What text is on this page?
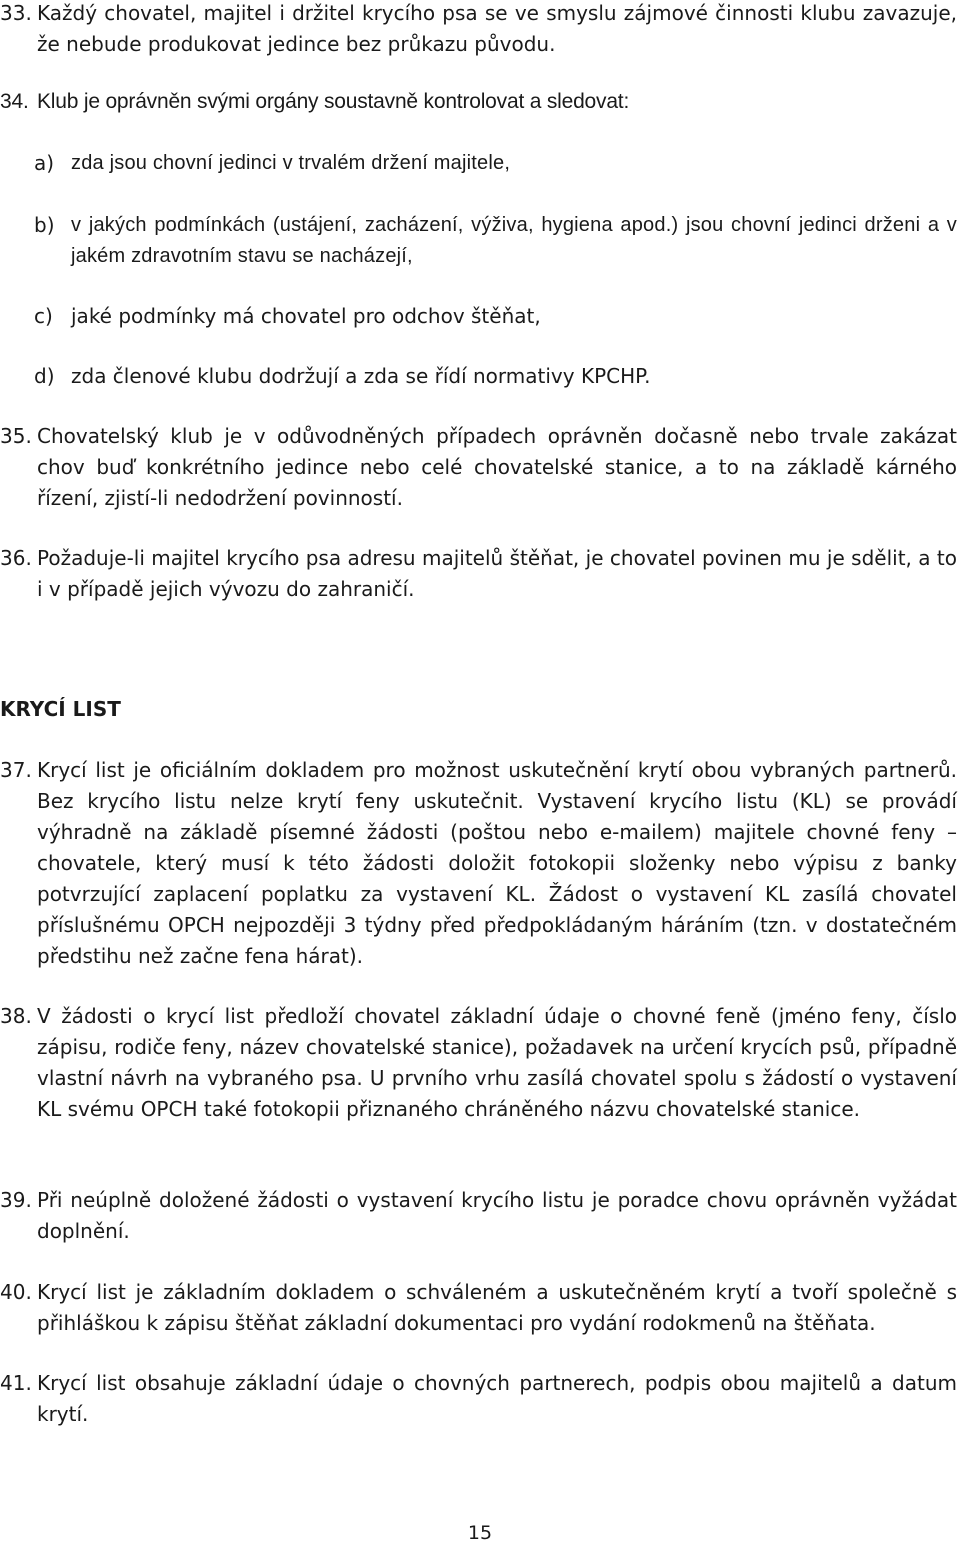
33. Každý chovatel, majitel i držitel krycího psa se ve smyslu zájmové činnosti klubu zavazuje, že nebude produkovat jedince bez průkazu původu.
34. Klub je oprávněn svými orgány soustavně kontrolovat a sledovat:
a) zda jsou chovní jedinci v trvalém držení majitele,
b) v jakých podmínkách (ustájení, zacházení, výživa, hygiena apod.) jsou chovní jedinci drženi a v jakém zdravotním stavu se nacházejí,
c) jaké podmínky má chovatel pro odchov štěňat,
d) zda členové klubu dodržují a zda se řídí normativy KPCHP.
35. Chovatelský klub je v odůvodněných případech oprávněn dočasně nebo trvale zakázat chov buď konkrétního jedince nebo celé chovatelské stanice, a to na základě kárného řízení, zjistí-li nedodržení povinností.
36. Požaduje-li majitel krycího psa adresu majitelů štěňat, je chovatel povinen mu je sdělit, a to i v případě jejich vývozu do zahraničí.
KRYCÍ LIST
37. Krycí list je oficiálním dokladem pro možnost uskutečnění krytí obou vybraných partnerů. Bez krycího listu nelze krytí feny uskutečnit. Vystavení krycího listu (KL) se provádí výhradně na základě písemné žádosti (poštou nebo e-mailem) majitele chovné feny – chovatele, který musí k této žádosti doložit fotokopii složenky nebo výpisu z banky potvrzující zaplacení poplatku za vystavení KL. Žádost o vystavení KL zasílá chovatel příslušnému OPCH nejpozději 3 týdny před předpokládaným háráním (tzn. v dostatečném předstihu než začne fena hárat).
38. V žádosti o krycí list předloží chovatel základní údaje o chovné feně (jméno feny, číslo zápisu, rodiče feny, název chovatelské stanice), požadavek na určení krycích psů, případně vlastní návrh na vybraného psa. U prvního vrhu zasílá chovatel spolu s žádostí o vystavení KL svému OPCH také fotokopii přiznaného chráněného názvu chovatelské stanice.
39. Při neúplně doložené žádosti o vystavení krycího listu je poradce chovu oprávněn vyžádat doplnění.
40. Krycí list je základním dokladem o schváleném a uskutečněném krytí a tvoří společně s přihláškou k zápisu štěňat základní dokumentaci pro vydání rodokmenů na štěňata.
41. Krycí list obsahuje základní údaje o chovných partnerech, podpis obou majitelů a datum krytí.
15
